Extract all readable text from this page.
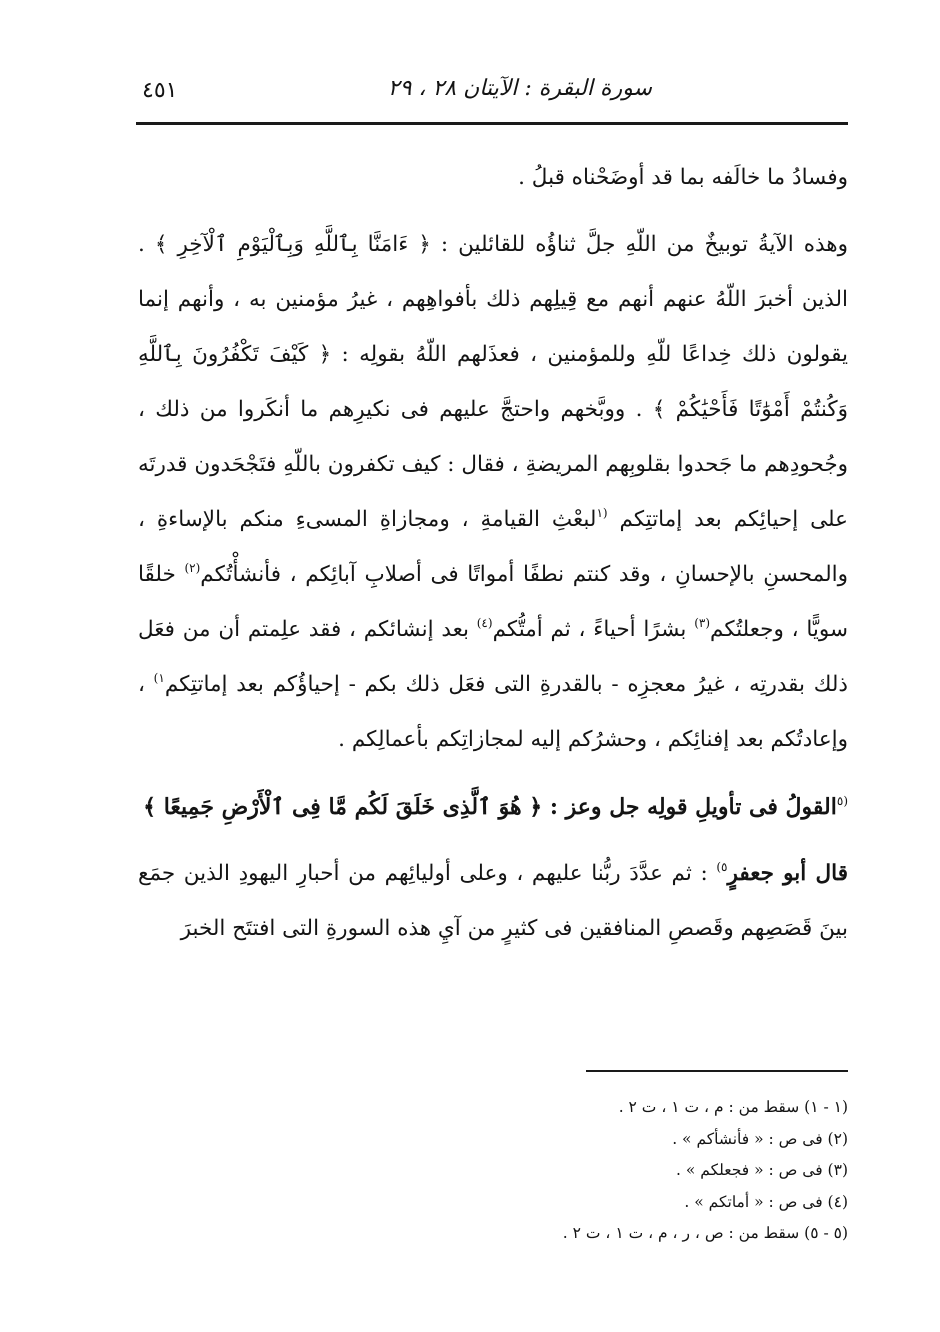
٤٥١	سورة البقرة : الآيتان ٢٨ ، ٢٩

وفسادُ ما خالَفه بما قد أوضَحْناه قبلُ .

وهذه الآيةُ توبيخٌ من اللّهِ جلَّ ثناؤُه للقائلين : ﴿ ءَامَنَّا بِٱللَّهِ وَبِٱلْيَوْمِ ٱلْآخِرِ ﴾ . الذين أخبرَ اللّهُ عنهم أنهم مع قِيلِهم ذلك بأفواهِهم ، غيرُ مؤمنين به ، وأنهم إنما يقولون ذلك خِداعًا للّهِ وللمؤمنين ، فعذَلهم اللّهُ بقولِه : ﴿ كَيْفَ تَكْفُرُونَ بِٱللَّهِ وَكُنتُمْ أَمْوَٰتًا فَأَحْيَٰكُمْ ﴾ . ووبَّخهم واحتجَّ عليهم فى نكيرِهم ما أنكَروا من ذلك ، وجُحودِهم ما جَحدوا بقلوبِهم المريضةِ ، فقال : كيف تكفرون باللّهِ فتَجْحَدون قدرتَه على إحيائِكم بعد إماتتِكم $^{(١}$لبعْثِ القيامةِ ، ومجازاةِ المسىءِ منكم بالإساءةِ ، والمحسنِ بالإحسانِ ، وقد كنتم نطفًا أمواتًا فى أصلابِ آبائِكم ، فأنشأْتُكم$^{(٢)}$ خلقًا سويًّا ، وجعلتُكم$^{(٣)}$ بشرًا أحياءً ، ثم أمتُّكم$^{(٤)}$ بعد إنشائكم ، فقد علِمتم أن من فعَل ذلك بقدرتِه ، غيرُ معجزِه - بالقدرةِ التى فعَل ذلك بكم - إحياؤُكم بعد إماتتِكم$^{١)}$ ، وإعادتُكم بعد إفنائِكم ، وحشرُكم إليه لمجازاتِكم بأعمالِكم .

$^{(٥}$القولُ فى تأويلِ قولِه جل وعز : ﴿ هُوَ ٱلَّذِى خَلَقَ لَكُم مَّا فِى ٱلْأَرْضِ جَمِيعًا ﴾

قال أبو جعفرٍ$^{٥)}$ : ثم عدَّدَ ربُّنا عليهم ، وعلى أوليائِهم من أحبارِ اليهودِ الذين جمَع بينَ قَصَصِهم وقَصصِ المنافقين فى كثيرٍ من آيِ هذه السورةِ التى افتتَح الخبرَ

(١ - ١) سقط من : م ، ت ١ ، ت ٢ .
(٢) فى ص : « فأنشأكم » .
(٣) فى ص : « فجعلكم » .
(٤) فى ص : « أماتكم » .
(٥ - ٥) سقط من : ص ، ر ، م ، ت ١ ، ت ٢ .
